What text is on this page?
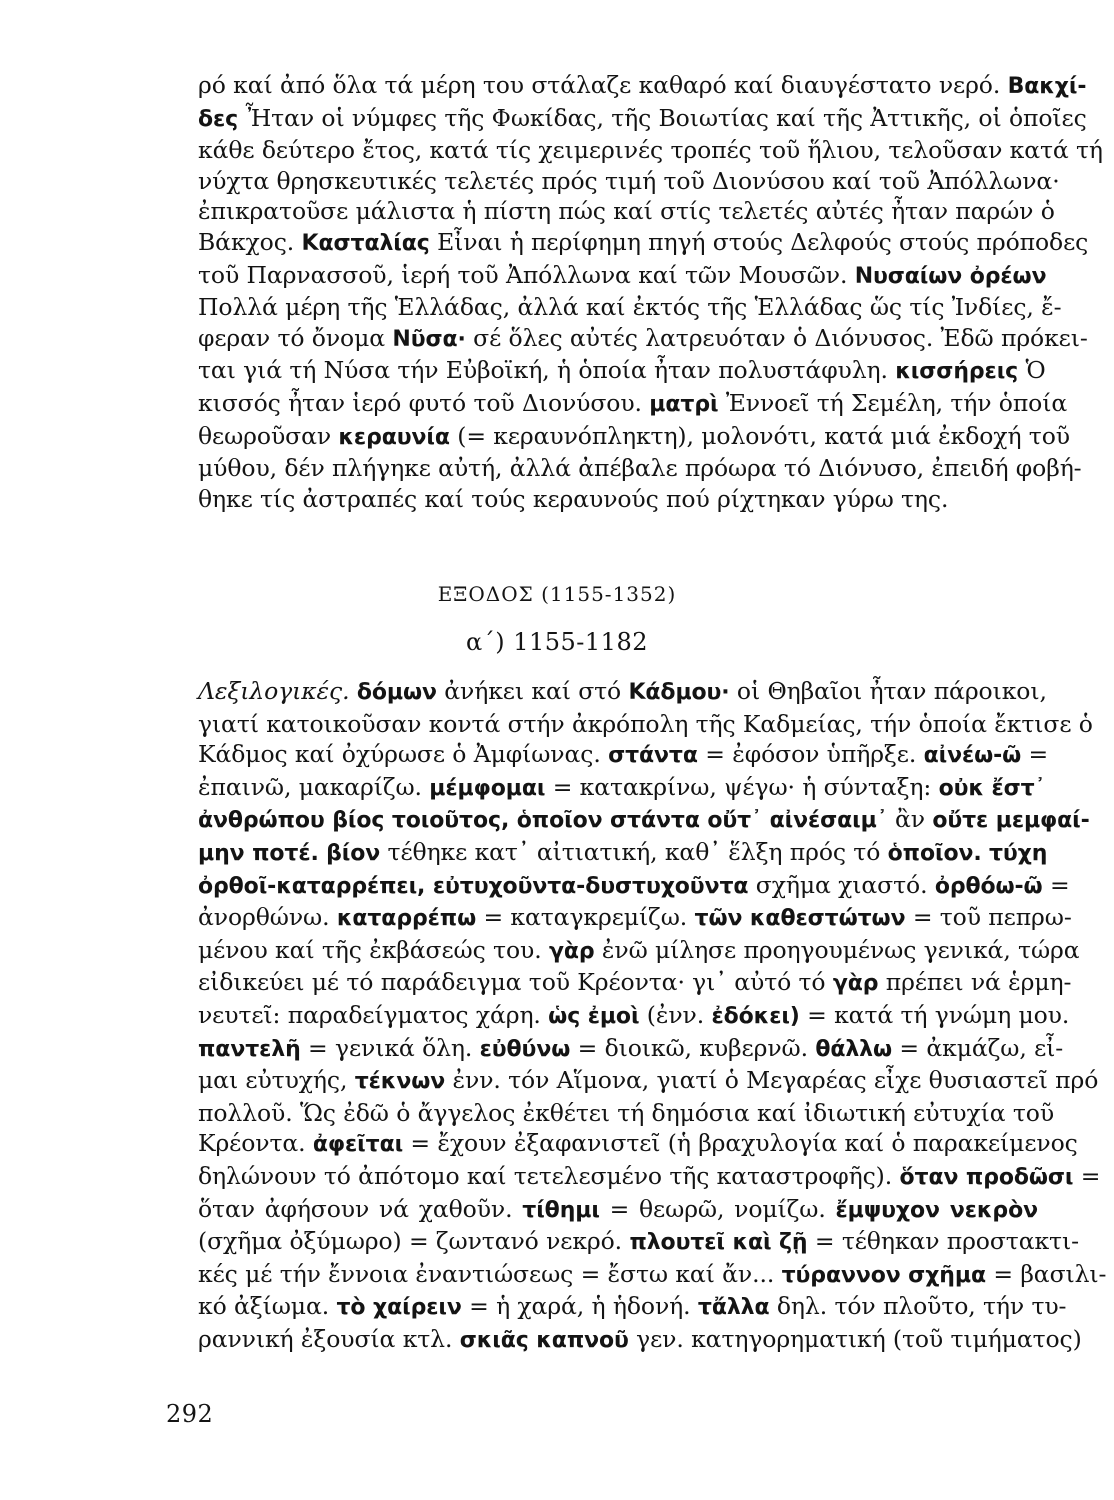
ρό καί ἀπό ὅλα τά μέρη του στάλαζε καθαρό καί διαυγέστατο νερό. Βακχί-
δες Ἦταν οἱ νύμφες τῆς Φωκίδας, τῆς Βοιωτίας καί τῆς Ἀττικῆς, οἱ ὁποῖες
κάθε δεύτερο ἔτος, κατά τίς χειμερινές τροπές τοῦ ἥλιου, τελοῦσαν κατά τή
νύχτα θρησκευτικές τελετές πρός τιμή τοῦ Διονύσου καί τοῦ Ἀπόλλωνα·
ἐπικρατοῦσε μάλιστα ἡ πίστη πώς καί στίς τελετές αὐτές ἦταν παρών ὁ
Βάκχος. Κασταλίας Εἶναι ἡ περίφημη πηγή στούς Δελφούς στούς πρόποδες
τοῦ Παρνασσοῦ, ἱερή τοῦ Ἀπόλλωνα καί τῶν Μουσῶν. Νυσαίων ὀρέων
Πολλά μέρη τῆς Ἑλλάδας, ἀλλά καί ἐκτός τῆς Ἑλλάδας ὥς τίς Ἰνδίες, ἔ-
φεραν τό ὄνομα Νῦσα· σέ ὅλες αὐτές λατρευόταν ὁ Διόνυσος. Ἐδῶ πρόκει-
ται γιά τή Νύσα τήν Εὐβοϊκή, ἡ ὁποία ἦταν πολυστάφυλη. κισσήρεις Ὁ
κισσός ἦταν ἱερό φυτό τοῦ Διονύσου. ματρὶ Ἐννοεῖ τή Σεμέλη, τήν ὁποία
θεωροῦσαν κεραυνία (= κεραυνόπληκτη), μολονότι, κατά μιά ἐκδοχή τοῦ
μύθου, δέν πλήγηκε αὐτή, ἀλλά ἀπέβαλε πρόωρα τό Διόνυσο, ἐπειδή φοβή-
θηκε τίς ἀστραπές καί τούς κεραυνούς πού ρίχτηκαν γύρω της.
ΕΞΟΔΟΣ (1155-1352)
α΄) 1155-1182
Λεξιλογικές. δόμων ἀνήκει καί στό Κάδμου· οἱ Θηβαῖοι ἦταν πάροικοι,
γιατί κατοικοῦσαν κοντά στήν ἀκρόπολη τῆς Καδμείας, τήν ὁποία ἔκτισε ὁ
Κάδμος καί ὀχύρωσε ὁ Ἀμφίωνας. στάντα = ἐφόσον ὑπῆρξε. αἰνέω-ῶ =
ἐπαινῶ, μακαρίζω. μέμφομαι = κατακρίνω, ψέγω· ἡ σύνταξη: οὐκ ἔστ᾽
ἀνθρώπου βίος τοιοῦτος, ὁποῖον στάντα οὔτ᾽ αἰνέσαιμ᾽ ἂν οὔτε μεμφαί-
μην ποτέ. βίον τέθηκε κατ᾽ αἰτιατική, καθ᾽ ἕλξη πρός τό ὁποῖον. τύχη
ὀρθοῖ-καταρρέπει, εὐτυχοῦντα-δυστυχοῦντα σχῆμα χιαστό. ὀρθόω-ῶ =
ἀνορθώνω. καταρρέπω = καταγκρεμίζω. τῶν καθεστώτων = τοῦ πεπρω-
μένου καί τῆς ἐκβάσεώς του. γὰρ ἐνῶ μίλησε προηγουμένως γενικά, τώρα
εἰδικεύει μέ τό παράδειγμα τοῦ Κρέοντα· γι᾽ αὐτό τό γὰρ πρέπει νά ἑρμη-
νευτεῖ: παραδείγματος χάρη. ὡς ἐμοὶ (ἐνν. ἐδόκει) = κατά τή γνώμη μου.
παντελῆ = γενικά ὅλη. εὐθύνω = διοικῶ, κυβερνῶ. θάλλω = ἀκμάζω, εἶ-
μαι εὐτυχής, τέκνων ἐνν. τόν Αἵμονα, γιατί ὁ Μεγαρέας εἶχε θυσιαστεῖ πρό
πολλοῦ. Ὥς ἐδῶ ὁ ἄγγελος ἐκθέτει τή δημόσια καί ἰδιωτική εὐτυχία τοῦ
Κρέοντα. ἀφεῖται = ἔχουν ἐξαφανιστεῖ (ἡ βραχυλογία καί ὁ παρακείμενος
δηλώνουν τό ἀπότομο καί τετελεσμένο τῆς καταστροφῆς). ὅταν προδῶσι =
ὅταν ἀφήσουν νά χαθοῦν. τίθημι = θεωρῶ, νομίζω. ἔμψυχον νεκρὸν
(σχῆμα ὀξύμωρο) = ζωντανό νεκρό. πλουτεῖ καὶ ζῇ = τέθηκαν προστακτι-
κές μέ τήν ἔννοια ἐναντιώσεως = ἔστω καί ἄν... τύραννον σχῆμα = βασιλι-
κό ἀξίωμα. τὸ χαίρειν = ἡ χαρά, ἡ ἡδονή. τἄλλα δηλ. τόν πλοῦτο, τήν τυ-
ραννική ἐξουσία κτλ. σκιᾶς καπνοῦ γεν. κατηγορηματική (τοῦ τιμήματος)
292
